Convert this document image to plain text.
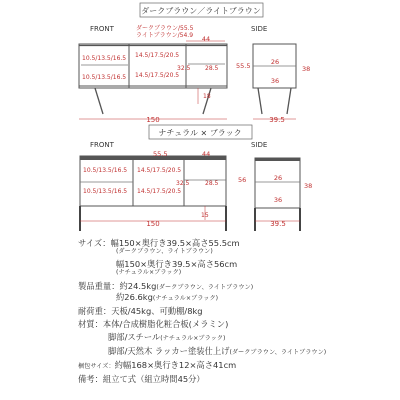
ダークブラウン／ライトブラウン
FRONT	SIDE
ダークブラウン/55.5
ライトブラウン/54.9 44
55.5
10.5/13.5/16.5
10.5/13.5/16.5
14.5/17.5/20.5
14.5/17.5/20.5
32.5 28.5
18
150
26
36
38
39.5
ナチュラル × ブラック
FRONT	SIDE
55.5	44
10.5/13.5/16.5
10.5/13.5/16.5
14.5/17.5/20.5
14.5/17.5/20.5
32.5	28.5
15
56
150
26
36
38
39.5
サイズ：幅150×奥行き39.5×高さ55.5cm
(ダークブラウン、ライトブラウン)
幅150×奥行き39.5×高さ56cm
(ナチュラル×ブラック)
製品重量：約24.5kg(ダークブラウン、ライトブラウン)
約26.6kg(ナチュラル×ブラック)
耐荷重：天板/45kg、可動棚/8kg
材質：本体/合成樹脂化粧合板(メラミン)
脚部/スチール(ナチュラル×ブラック)
脚部/天然木 ラッカー塗装仕上げ(ダークブラウン、ライトブラウン)
梱包サイズ：約幅168×奥行き12×高さ41cm
備考：組立て式（組立時間45分）
